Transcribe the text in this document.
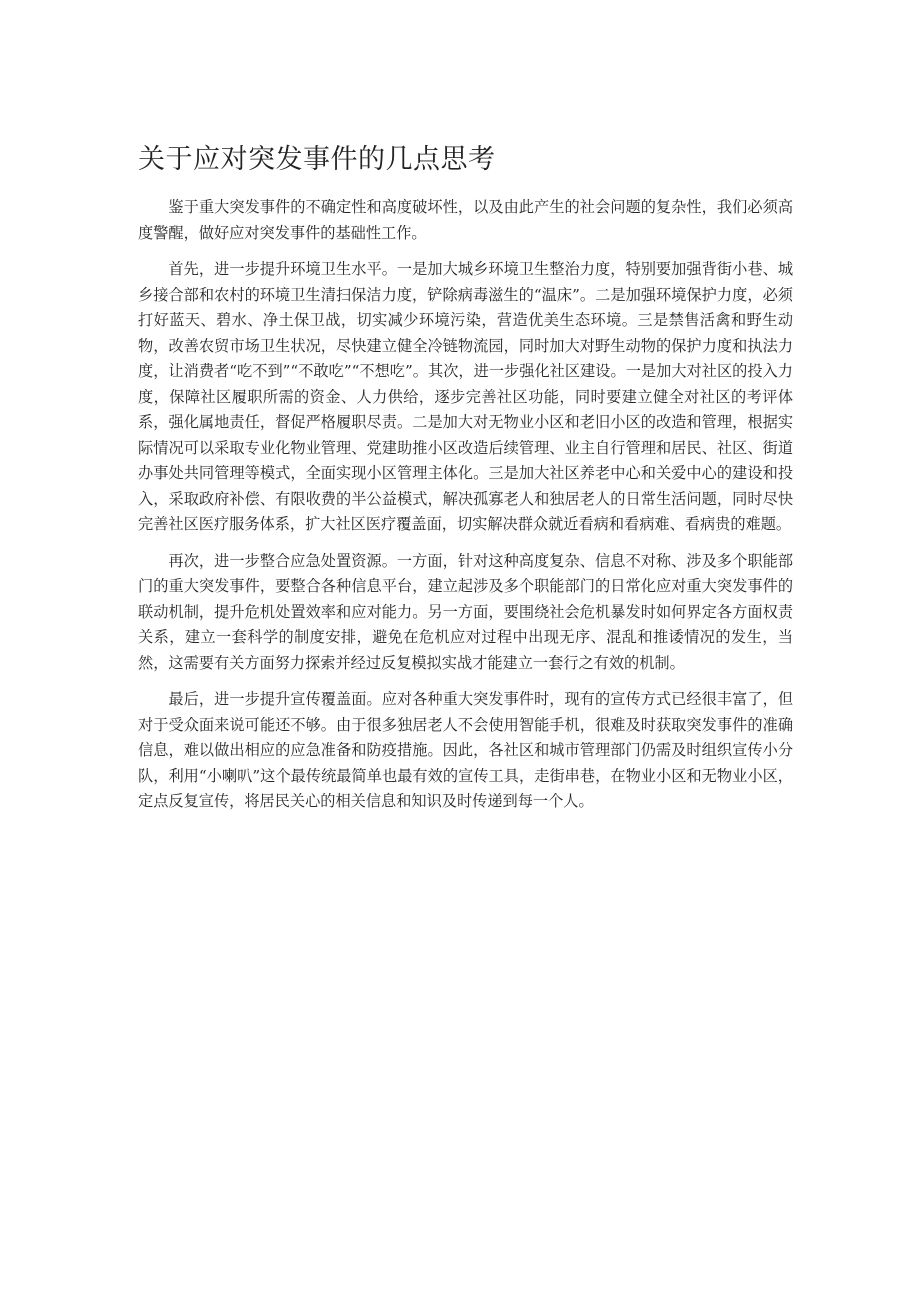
关于应对突发事件的几点思考

鉴于重大突发事件的不确定性和高度破坏性，以及由此产生的社会问题的复杂性，我们必须高度警醒，做好应对突发事件的基础性工作。

首先，进一步提升环境卫生水平。一是加大城乡环境卫生整治力度，特别要加强背街小巷、城乡接合部和农村的环境卫生清扫保洁力度，铲除病毒滋生的“温床”。二是加强环境保护力度，必须打好蓝天、碧水、净土保卫战，切实减少环境污染，营造优美生态环境。三是禁售活禽和野生动物，改善农贸市场卫生状况，尽快建立健全冷链物流园，同时加大对野生动物的保护力度和执法力度，让消费者“吃不到”“不敢吃”“不想吃”。其次，进一步强化社区建设。一是加大对社区的投入力度，保障社区履职所需的资金、人力供给，逐步完善社区功能，同时要建立健全对社区的考评体系，强化属地责任，督促严格履职尽责。二是加大对无物业小区和老旧小区的改造和管理，根据实际情况可以采取专业化物业管理、党建助推小区改造后续管理、业主自行管理和居民、社区、街道办事处共同管理等模式，全面实现小区管理主体化。三是加大社区养老中心和关爱中心的建设和投入，采取政府补偿、有限收费的半公益模式，解决孤寡老人和独居老人的日常生活问题，同时尽快完善社区医疗服务体系，扩大社区医疗覆盖面，切实解决群众就近看病和看病难、看病贵的难题。

再次，进一步整合应急处置资源。一方面，针对这种高度复杂、信息不对称、涉及多个职能部门的重大突发事件，要整合各种信息平台，建立起涉及多个职能部门的日常化应对重大突发事件的联动机制，提升危机处置效率和应对能力。另一方面，要围绕社会危机暴发时如何界定各方面权责关系，建立一套科学的制度安排，避免在危机应对过程中出现无序、混乱和推诿情况的发生，当然，这需要有关方面努力探索并经过反复模拟实战才能建立一套行之有效的机制。

最后，进一步提升宣传覆盖面。应对各种重大突发事件时，现有的宣传方式已经很丰富了，但对于受众面来说可能还不够。由于很多独居老人不会使用智能手机，很难及时获取突发事件的准确信息，难以做出相应的应急准备和防疫措施。因此，各社区和城市管理部门仍需及时组织宣传小分队，利用“小喇叭”这个最传统最简单也最有效的宣传工具，走街串巷，在物业小区和无物业小区，定点反复宣传，将居民关心的相关信息和知识及时传递到每一个人。
